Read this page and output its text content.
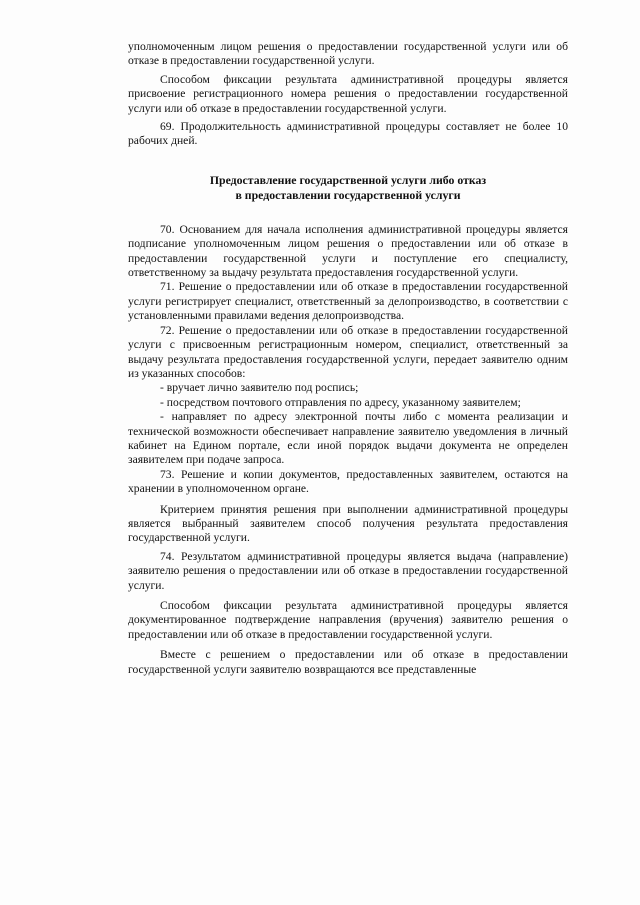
уполномоченным лицом решения о предоставлении государственной услуги или об отказе в предоставлении государственной услуги.

Способом фиксации результата административной процедуры является присвоение регистрационного номера решения о предоставлении государственной услуги или об отказе в предоставлении государственной услуги.

69. Продолжительность административной процедуры составляет не более 10 рабочих дней.

Предоставление государственной услуги либо отказ
в предоставлении государственной услуги

70. Основанием для начала исполнения административной процедуры является подписание уполномоченным лицом решения о предоставлении или об отказе в предоставлении государственной услуги и поступление его специалисту, ответственному за выдачу результата предоставления государственной услуги.

71. Решение о предоставлении или об отказе в предоставлении государственной услуги регистрирует специалист, ответственный за делопроизводство, в соответствии с установленными правилами ведения делопроизводства.

72. Решение о предоставлении или об отказе в предоставлении государственной услуги с присвоенным регистрационным номером, специалист, ответственный за выдачу результата предоставления государственной услуги, передает заявителю одним из указанных способов:

- вручает лично заявителю под роспись;

- посредством почтового отправления по адресу, указанному заявителем;

- направляет по адресу электронной почты либо с момента реализации и технической возможности обеспечивает направление заявителю уведомления в личный кабинет на Едином портале, если иной порядок выдачи документа не определен заявителем при подаче запроса.

73. Решение и копии документов, предоставленных заявителем, остаются на хранении в уполномоченном органе.

Критерием принятия решения при выполнении административной процедуры является выбранный заявителем способ получения результата предоставления государственной услуги.

74. Результатом административной процедуры является выдача (направление) заявителю решения о предоставлении или об отказе в предоставлении государственной услуги.

Способом фиксации результата административной процедуры является документированное подтверждение направления (вручения) заявителю решения о предоставлении или об отказе в предоставлении государственной услуги.

Вместе с решением о предоставлении или об отказе в предоставлении государственной услуги заявителю возвращаются все представленные
